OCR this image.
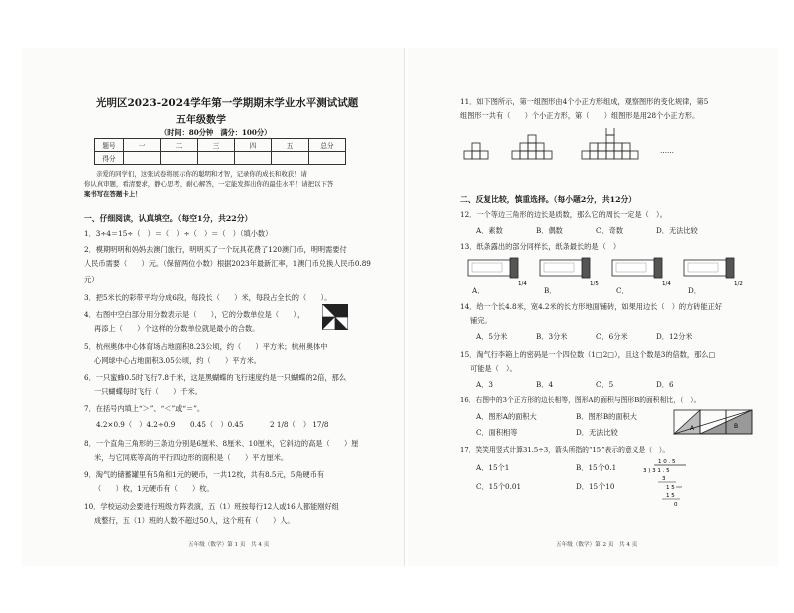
光明区2023-2024学年第一学期期末学业水平测试试题
五年级数学
（时间：80分钟　满分：100分）
题号	一	二	三	四	五	总分
得分						
亲爱的同学们，这张试卷将展示你的聪明和才智，记录你的成长和收获！请
你认真审题，看清要求，静心思考，耐心解答，一定能发挥出你的最佳水平！请把以下答
案书写在答题卡上！
一、仔细阅读，认真填空。（每空1分，共22分）
1．3÷4＝15÷（　）＝（　）÷（　）＝（　）（填小数）
2．模期明明和妈妈去澳门旅行，明明买了一个玩具花费了120澳门币，明明需要付
人民币需要（　　）元。（保留两位小数）根据2023年最新汇率，1澳门币兑换人民币0.89
元）
3．把5米长的彩带平均分成6段，每段长（　　）米，每段占全长的（　　）。
4．右图中空白部分用分数表示是（　　），它的分数单位是（　　），
再添上（　　）个这样的分数单位就是最小的合数。
5．杭州奥体中心体育场占地面积8.23公顷，约（　　）平方米；杭州奥体中
心网球中心占地面积3.05公顷，约（　　）平方米。
6．一只蜜蜂0.5时飞行7.8千米，这是黑蝴蝶的飞行速度约是一只蝴蝶的2倍，那么
一只蝴蝶每时飞行（　　）千米。
7．在括号内填上“＞”、“＜”或“＝”。
4.2×0.9（　）4.2÷0.9 0.45（　）0.45	2 1/8（　） 17/8
8．一个直角三角形的三条边分别是6厘米、8厘米、10厘米，它斜边的高是（　　）厘
米，与它同底等高的平行四边形的面积是（　　）平方厘米。
9．淘气的储蓄罐里有5角和1元的硬币，一共12枚，共有8.5元，5角硬币有
（　　）枚，1元硬币有（　　）枚。
10．学校运动会要进行班级方阵表演，五（1）班按每行12人或16人都能刚好组
成整行，五（1）班的人数不超过50人，这个班有（　　）人。
五年级（数学）第 1 页　共 4 页
11．如下图所示，第一组图形由4个小正方形组成，观察图形的变化规律，第5
组图形一共有（　　）个小正方形，第（　　）组图形是用28个小正方形。
……
二、反复比较，慎重选择。（每小题2分，共12分）
12．一个等边三角形的边长是质数，那么它的周长一定是（　）。
A．素数	B．偶数	C．奇数	D．无法比较
13．纸条露出的部分同样长，纸条最长的是（　）
1/4	1/5	1/4	1/2
A．	B．	C．	D．
14．给一个长4.8米，宽4.2米的长方形地面铺砖，如果用边长（　）的方砖能正好
铺完。
A．5分米	B．3分米	C．6分米	D．12分米
15．淘气行李箱上的密码是一个四位数（1□2□），且这个数是3的倍数，那么□
可能是（　）。
A．3	B．4	C．5	D．6
16．右图中的3个正方形的边长相等，图形A的面积与图形B的面积相比，（　）。
A	B
A．图形A的面积大	B．图形B的面积大
C．面积相等	D．无法比较
17．笑笑用竖式计算31.5÷3，箭头所指的“15”表示的意义是（　）。
A．15个1	B．15个0.1
C．15个0.01	D．15个10
1 0 . 5
3 ) 3 1 . 5
3
1 5
1 5
0
五年级（数学）第 2 页　共 4 页
